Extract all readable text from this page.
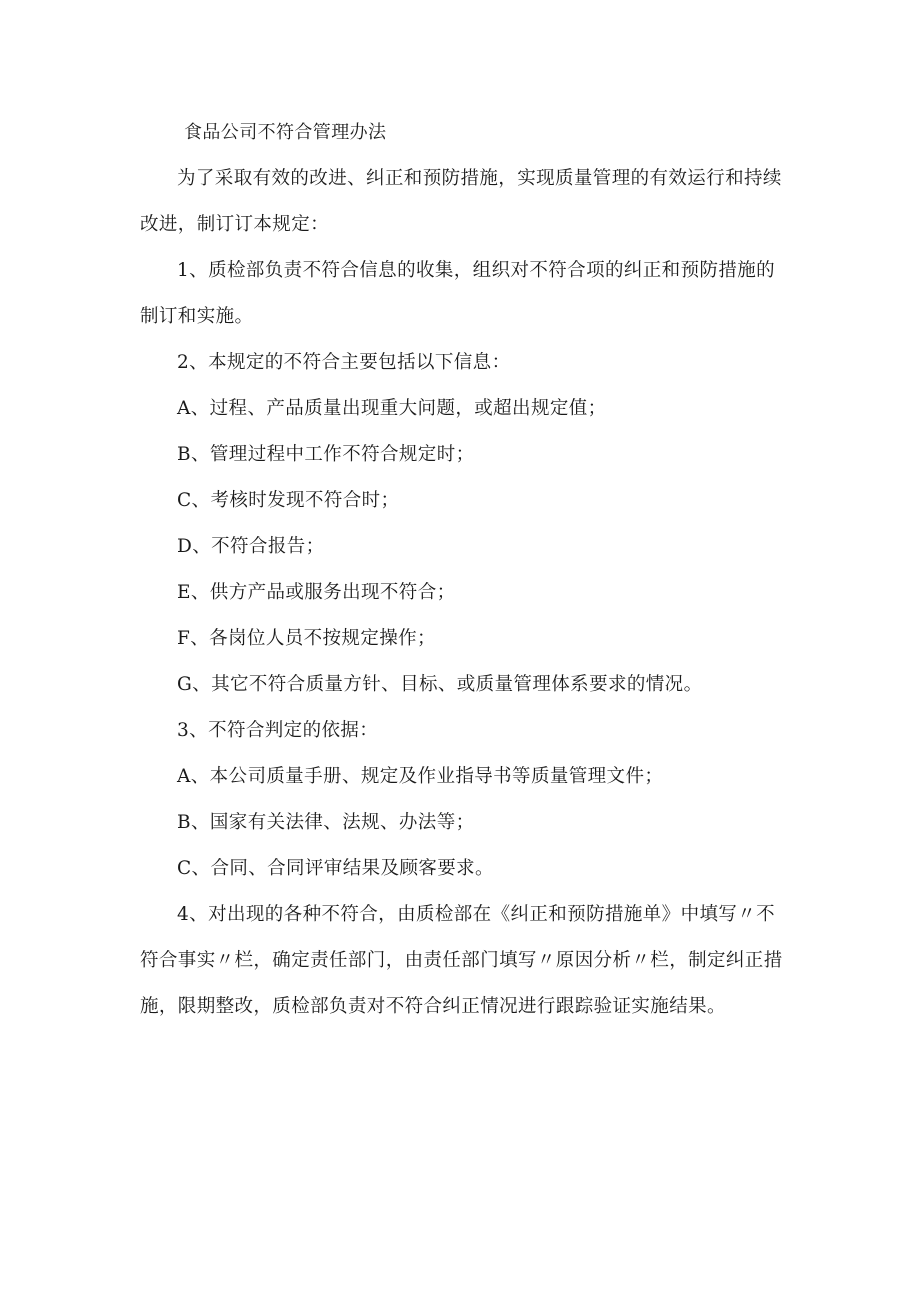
食品公司不符合管理办法

为了采取有效的改进、纠正和预防措施，实现质量管理的有效运行和持续改进，制订订本规定：

1、质检部负责不符合信息的收集，组织对不符合项的纠正和预防措施的制订和实施。

2、本规定的不符合主要包括以下信息：

A、过程、产品质量出现重大问题，或超出规定值；

B、管理过程中工作不符合规定时；

C、考核时发现不符合时；

D、不符合报告；

E、供方产品或服务出现不符合；

F、各岗位人员不按规定操作；

G、其它不符合质量方针、目标、或质量管理体系要求的情况。

3、不符合判定的依据：

A、本公司质量手册、规定及作业指导书等质量管理文件；

B、国家有关法律、法规、办法等；

C、合同、合同评审结果及顾客要求。

4、对出现的各种不符合，由质检部在《纠正和预防措施单》中填写〃不符合事实〃栏，确定责任部门，由责任部门填写〃原因分析〃栏，制定纠正措施，限期整改，质检部负责对不符合纠正情况进行跟踪验证实施结果。
